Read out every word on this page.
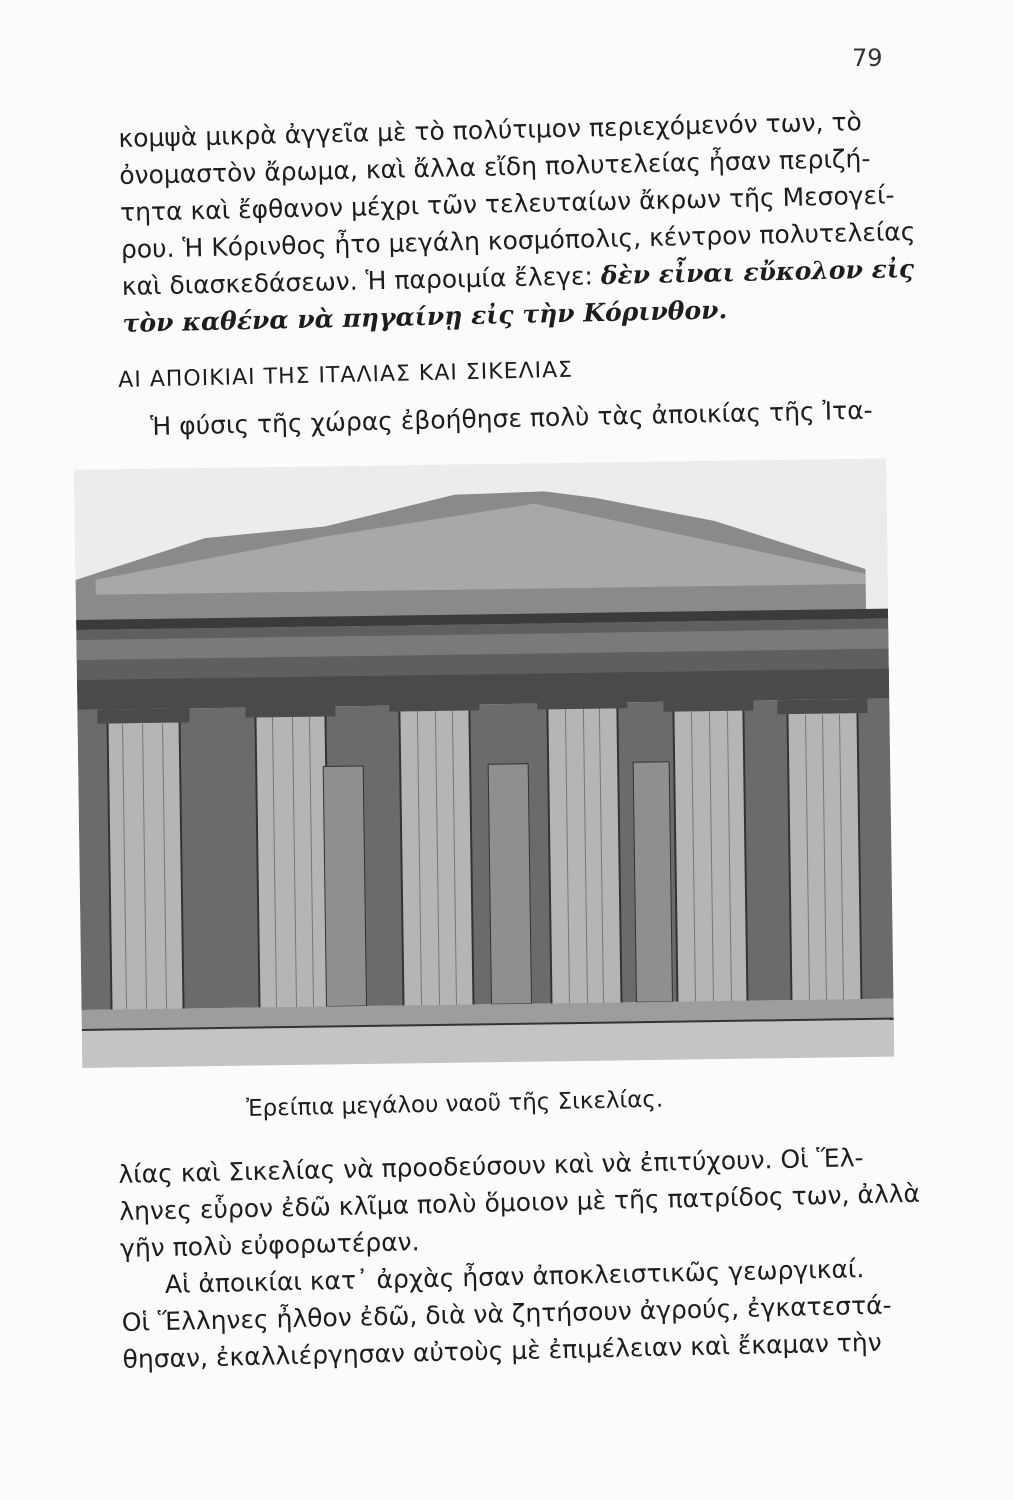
79
κομψὰ μικρὰ ἀγγεῖα μὲ τὸ πολύτιμον περιεχόμενόν των, τὸ
ὀνομαστὸν ἄρωμα, καὶ ἄλλα εἴδη πολυτελείας ἦσαν περιζή-
τητα καὶ ἔφθανον μέχρι τῶν τελευταίων ἄκρων τῆς Μεσογεί-
ρου. Ἡ Κόρινθος ἦτο μεγάλη κοσμόπολις, κέντρον πολυτελείας
καὶ διασκεδάσεων. Ἡ παροιμία ἔλεγε: δὲν εἶναι εὔκολον εἰς
τὸν καθένα νὰ πηγαίνῃ εἰς τὴν Κόρινθον.
ΑΙ ΑΠΟΙΚΙΑΙ ΤΗΣ ΙΤΑΛΙΑΣ ΚΑΙ ΣΙΚΕΛΙΑΣ
Ἡ φύσις τῆς χώρας ἐβοήθησε πολὺ τὰς ἀποικίας τῆς Ἰτα-
Ἐρείπια μεγάλου ναοῦ τῆς Σικελίας.
λίας καὶ Σικελίας νὰ προοδεύσουν καὶ νὰ ἐπιτύχουν. Οἱ Ἕλ-
ληνες εὗρον ἐδῶ κλῖμα πολὺ ὅμοιον μὲ τῆς πατρίδος των, ἀλλὰ
γῆν πολὺ εὐφορωτέραν.
Αἱ ἀποικίαι κατ᾿ ἀρχὰς ἦσαν ἀποκλειστικῶς γεωργικαί.
Οἱ Ἕλληνες ἦλθον ἐδῶ, διὰ νὰ ζητήσουν ἀγρούς, ἐγκατεστά-
θησαν, ἐκαλλιέργησαν αὐτοὺς μὲ ἐπιμέλειαν καὶ ἔκαμαν τὴν
